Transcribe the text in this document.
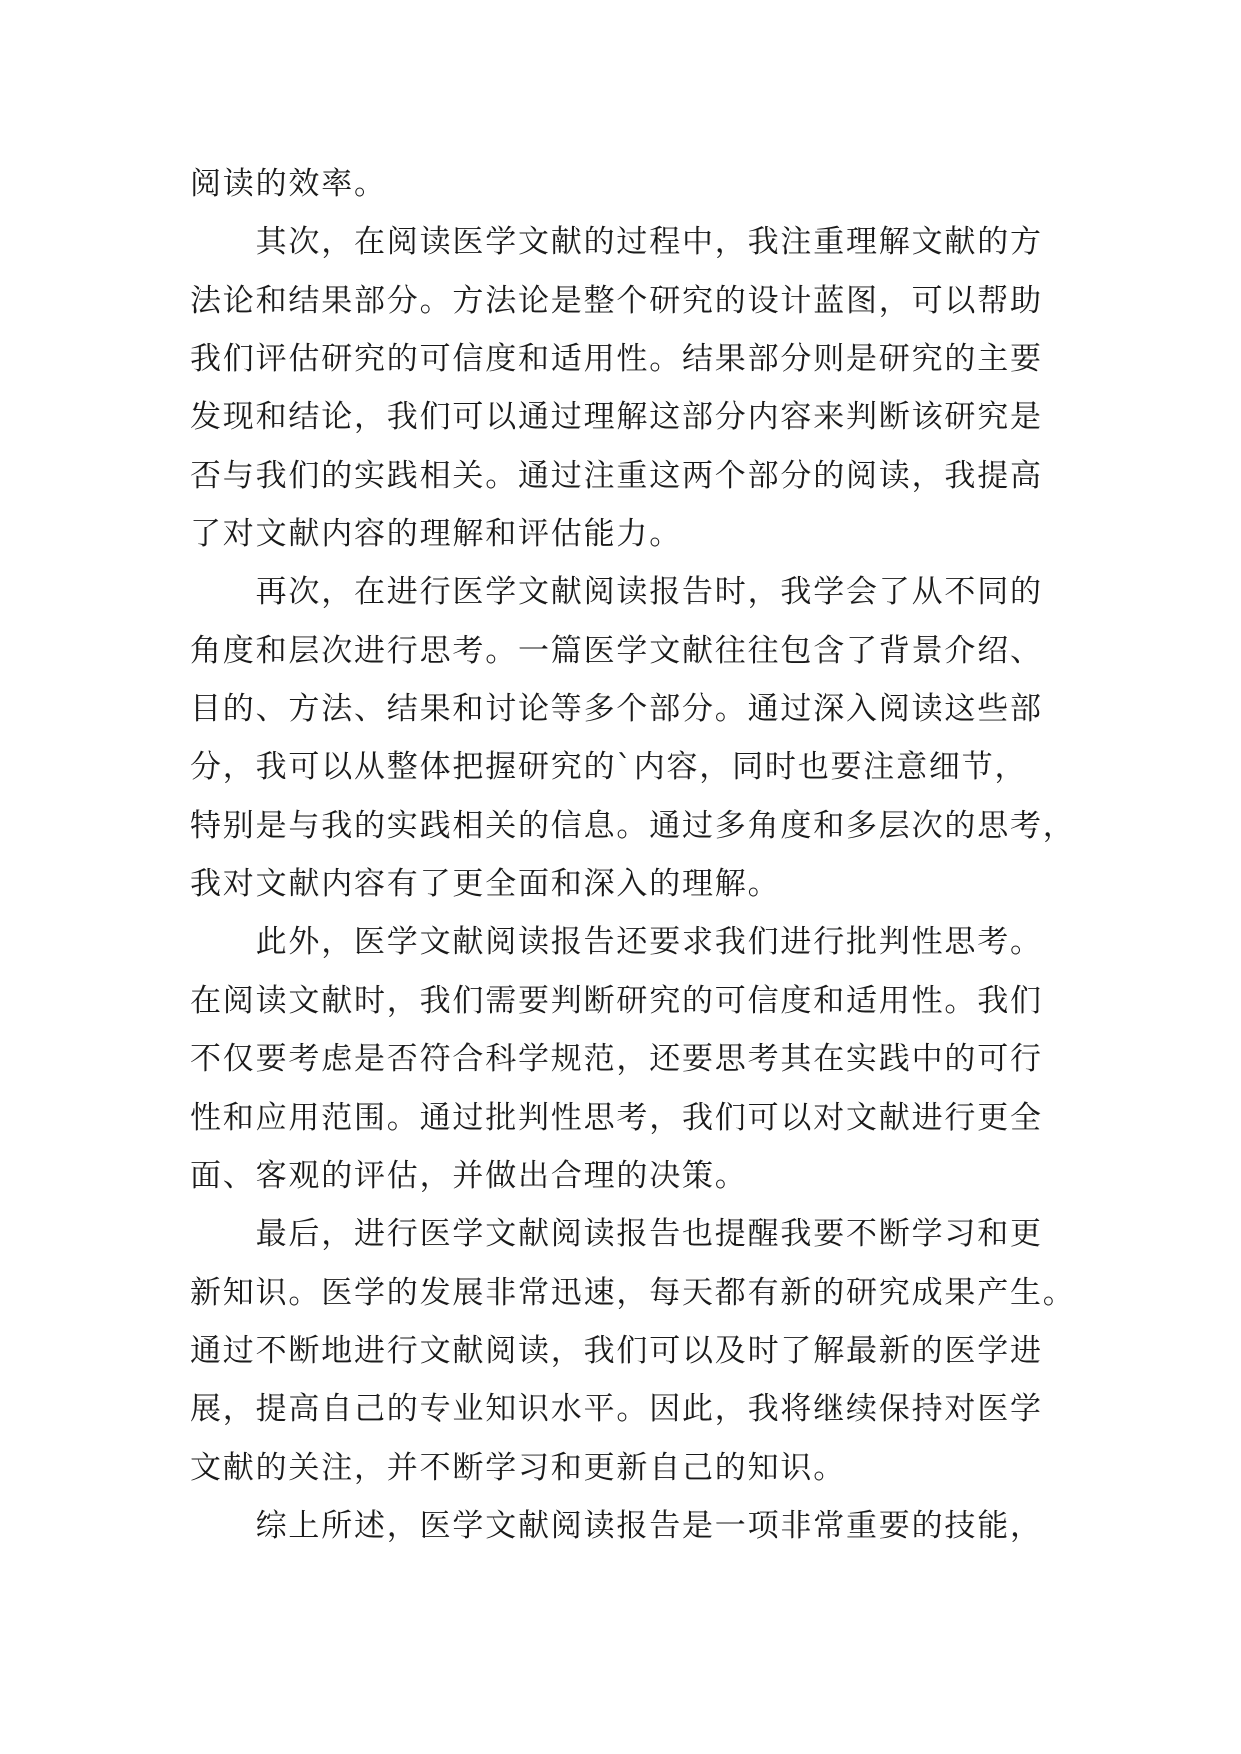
阅读的效率。
　　其次，在阅读医学文献的过程中，我注重理解文献的方
法论和结果部分。方法论是整个研究的设计蓝图，可以帮助
我们评估研究的可信度和适用性。结果部分则是研究的主要
发现和结论，我们可以通过理解这部分内容来判断该研究是
否与我们的实践相关。通过注重这两个部分的阅读，我提高
了对文献内容的理解和评估能力。
　　再次，在进行医学文献阅读报告时，我学会了从不同的
角度和层次进行思考。一篇医学文献往往包含了背景介绍、
目的、方法、结果和讨论等多个部分。通过深入阅读这些部
分，我可以从整体把握研究的`内容，同时也要注意细节，
特别是与我的实践相关的信息。通过多角度和多层次的思考，
我对文献内容有了更全面和深入的理解。
　　此外，医学文献阅读报告还要求我们进行批判性思考。
在阅读文献时，我们需要判断研究的可信度和适用性。我们
不仅要考虑是否符合科学规范，还要思考其在实践中的可行
性和应用范围。通过批判性思考，我们可以对文献进行更全
面、客观的评估，并做出合理的决策。
　　最后，进行医学文献阅读报告也提醒我要不断学习和更
新知识。医学的发展非常迅速，每天都有新的研究成果产生。
通过不断地进行文献阅读，我们可以及时了解最新的医学进
展，提高自己的专业知识水平。因此，我将继续保持对医学
文献的关注，并不断学习和更新自己的知识。
　　综上所述，医学文献阅读报告是一项非常重要的技能，
